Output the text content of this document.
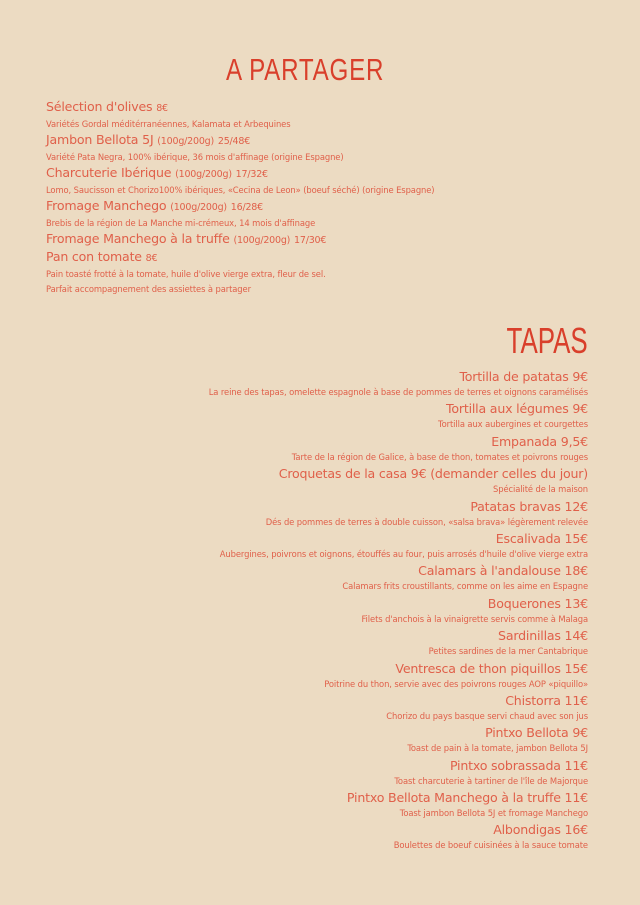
A PARTAGER
Sélection d'olives 8€
Variétés Gordal méditérranéennes, Kalamata et Arbequines
Jambon Bellota 5J (100g/200g) 25/48€
Variété Pata Negra, 100% ibérique, 36 mois d'affinage (origine Espagne)
Charcuterie Ibérique (100g/200g) 17/32€
Lomo, Saucisson et Chorizo100% ibériques, «Cecina de Leon» (boeuf séché) (origine Espagne)
Fromage Manchego (100g/200g) 16/28€
Brebis de la région de La Manche mi-crémeux, 14 mois d'affinage
Fromage Manchego à la truffe (100g/200g) 17/30€
Pan con tomate 8€
Pain toasté frotté à la tomate, huile d'olive vierge extra, fleur de sel.
Parfait accompagnement des assiettes à partager
TAPAS
Tortilla de patatas 9€
La reine des tapas, omelette espagnole à base de pommes de terres et oignons caramélisés
Tortilla aux légumes 9€
Tortilla aux aubergines et courgettes
Empanada 9,5€
Tarte de la région de Galice, à base de thon, tomates et poivrons rouges
Croquetas de la casa 9€ (demander celles du jour)
Spécialité de la maison
Patatas bravas 12€
Dés de pommes de terres à double cuisson, «salsa brava» légèrement relevée
Escalivada 15€
Aubergines, poivrons et oignons, étouffés au four, puis arrosés d'huile d'olive vierge extra
Calamars à l'andalouse 18€
Calamars frits croustillants, comme on les aime en Espagne
Boquerones 13€
Filets d'anchois à la vinaigrette servis comme à Malaga
Sardinillas 14€
Petites sardines de la mer Cantabrique
Ventresca de thon piquillos 15€
Poitrine du thon, servie avec des poivrons rouges AOP «piquillo»
Chistorra 11€
Chorizo du pays basque servi chaud avec son jus
Pintxo Bellota 9€
Toast de pain à la tomate, jambon Bellota 5J
Pintxo sobrassada 11€
Toast charcuterie à tartiner de l'île de Majorque
Pintxo Bellota Manchego à la truffe 11€
Toast jambon Bellota 5J et fromage Manchego
Albondigas 16€
Boulettes de boeuf cuisinées à la sauce tomate
